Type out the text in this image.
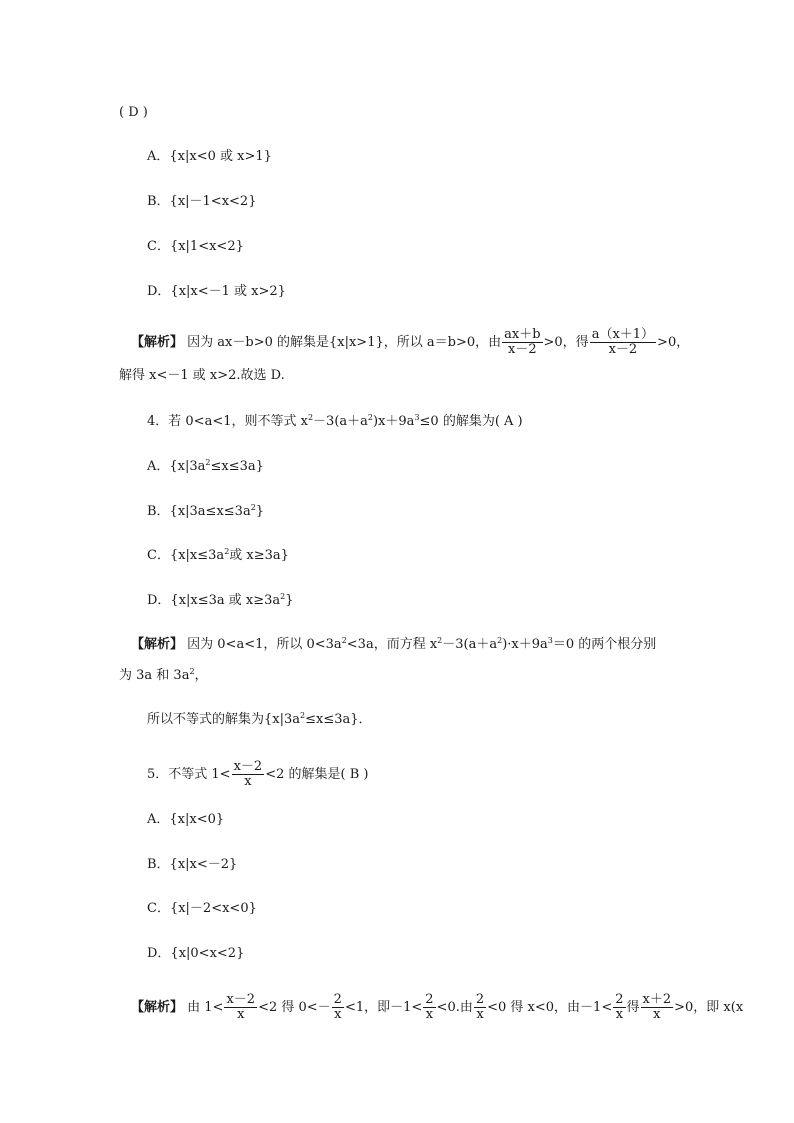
( D )
A．{x|x<0 或 x>1}
B．{x|－1<x<2}
C．{x|1<x<2}
D．{x|x<－1 或 x>2}
【解析】 因为 ax－b>0 的解集是{x|x>1}，所以 a＝b>0，由 $\frac{ax+b}{x-2} >0$，得 $\frac{a(x+1)}{x-2} >0$，
解得 x<－1 或 x>2.故选 D.
4．若 0<a<1，则不等式 $x^2-3(a+a^2)x+9a^3\le 0$ 的解集为( A )
A．$\{x|3a^2\le x\le 3a\}$
B．$\{x|3a\le x\le 3a^2\}$
C．{$x|x\le 3a^2$或 x≥3a}
D．{x|x≤3a 或 $x\ge 3a^2$}
【解析】 因为 0<a<1，所以 $0<3a^2<3a$，而方程 $x^2-3(a+a^2)\cdot x+9a^3=0$ 的两个根分别
为 3a 和 $3a^2$，
所以不等式的解集为$\{x|3a^2\le x\le 3a\}$．
5．不等式 $1< \frac{x-2}{x} <2$ 的解集是( B )
A．{x|x<0}
B．{x|x<－2}
C．{x|－2<x<0}
D．{x|0<x<2}
【解析】 由 $1< \frac{x-2}{x} <2$ 得 $0<- \frac{2}{x} <1$，即$-1< \frac{2}{x} <0$.由 $\frac{2}{x} <0$ 得 x<0，由$-1< \frac{2}{x}$ 得 $\frac{x+2}{x} >0$，即 x(x
